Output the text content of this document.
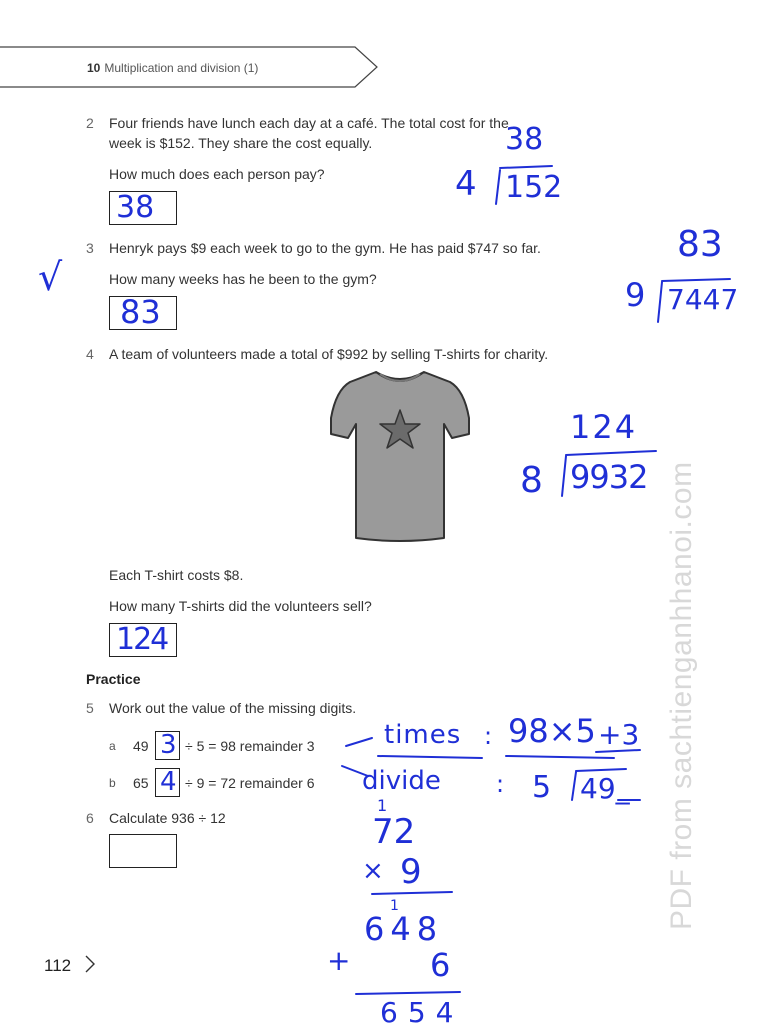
10 Multiplication and division (1)
2 Four friends have lunch each day at a café. The total cost for the
week is $152. They share the cost equally.
How much does each person pay?
38
38
4 152
3 Henryk pays $9 each week to go to the gym. He has paid $747 so far.
How many weeks has he been to the gym?
83
√
83
9 7447
4 A team of volunteers made a total of $992 by selling T-shirts for charity.
Each T-shirt costs $8.
How many T-shirts did the volunteers sell?
124
124
8 9932
Practice
5 Work out the value of the missing digits.
a 49 3 ÷ 5 = 98 remainder 3
b 65 4 ÷ 9 = 72 remainder 6
times : 98×5 +3
divide : 5 49_
6 Calculate 936 ÷ 12
1
72
× 9
1
648
+ 6
654
PDF from sachtienganhhanoi.com
112
